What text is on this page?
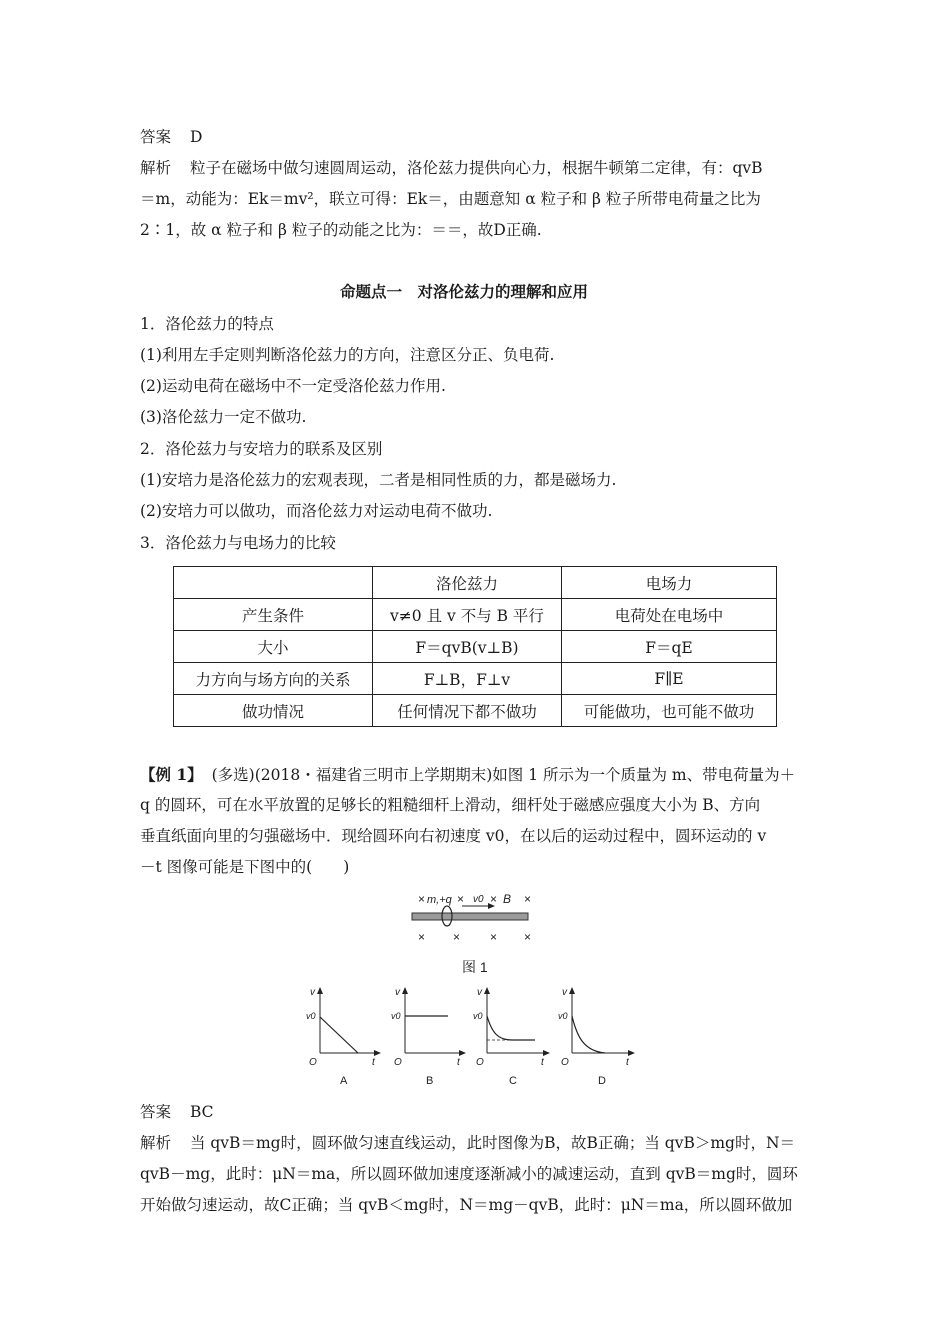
答案 D
解析 粒子在磁场中做匀速圆周运动，洛伦兹力提供向心力，根据牛顿第二定律，有：qvB
＝m，动能为：Ek＝mv²，联立可得：Ek＝，由题意知 α 粒子和 β 粒子所带电荷量之比为
2∶1，故 α 粒子和 β 粒子的动能之比为：＝＝，故D正确.
命题点一　对洛伦兹力的理解和应用
1．洛伦兹力的特点
(1)利用左手定则判断洛伦兹力的方向，注意区分正、负电荷.
(2)运动电荷在磁场中不一定受洛伦兹力作用.
(3)洛伦兹力一定不做功.
2．洛伦兹力与安培力的联系及区别
(1)安培力是洛伦兹力的宏观表现，二者是相同性质的力，都是磁场力.
(2)安培力可以做功，而洛伦兹力对运动电荷不做功.
3．洛伦兹力与电场力的比较
	洛伦兹力	电场力
产生条件	v≠0 且 v 不与 B 平行	电荷处在电场中
大小	F＝qvB(v⊥B)	F＝qE
力方向与场方向的关系	F⊥B，F⊥v	F∥E
做功情况	任何情况下都不做功	可能做功，也可能不做功
【例 1】 (多选)(2018・福建省三明市上学期期末)如图 1 所示为一个质量为 m、带电荷量为＋
q 的圆环，可在水平放置的足够长的粗糙细杆上滑动，细杆处于磁感应强度大小为 B、方向
垂直纸面向里的匀强磁场中．现给圆环向右初速度 v0，在以后的运动过程中，圆环运动的 v
－t 图像可能是下图中的(　　)
× m,+q × v0 × B ×
× × × ×
图 1
v
t
O
v0
A
v
t
O
v0
B
v
t
O
v0
C
v
t
O
v0
D
答案 BC
解析 当 qvB＝mg时，圆环做匀速直线运动，此时图像为B，故B正确；当 qvB＞mg时，N＝
qvB－mg，此时：μN＝ma，所以圆环做加速度逐渐减小的减速运动，直到 qvB＝mg时，圆环
开始做匀速运动，故C正确；当 qvB＜mg时，N＝mg－qvB，此时：μN＝ma，所以圆环做加
